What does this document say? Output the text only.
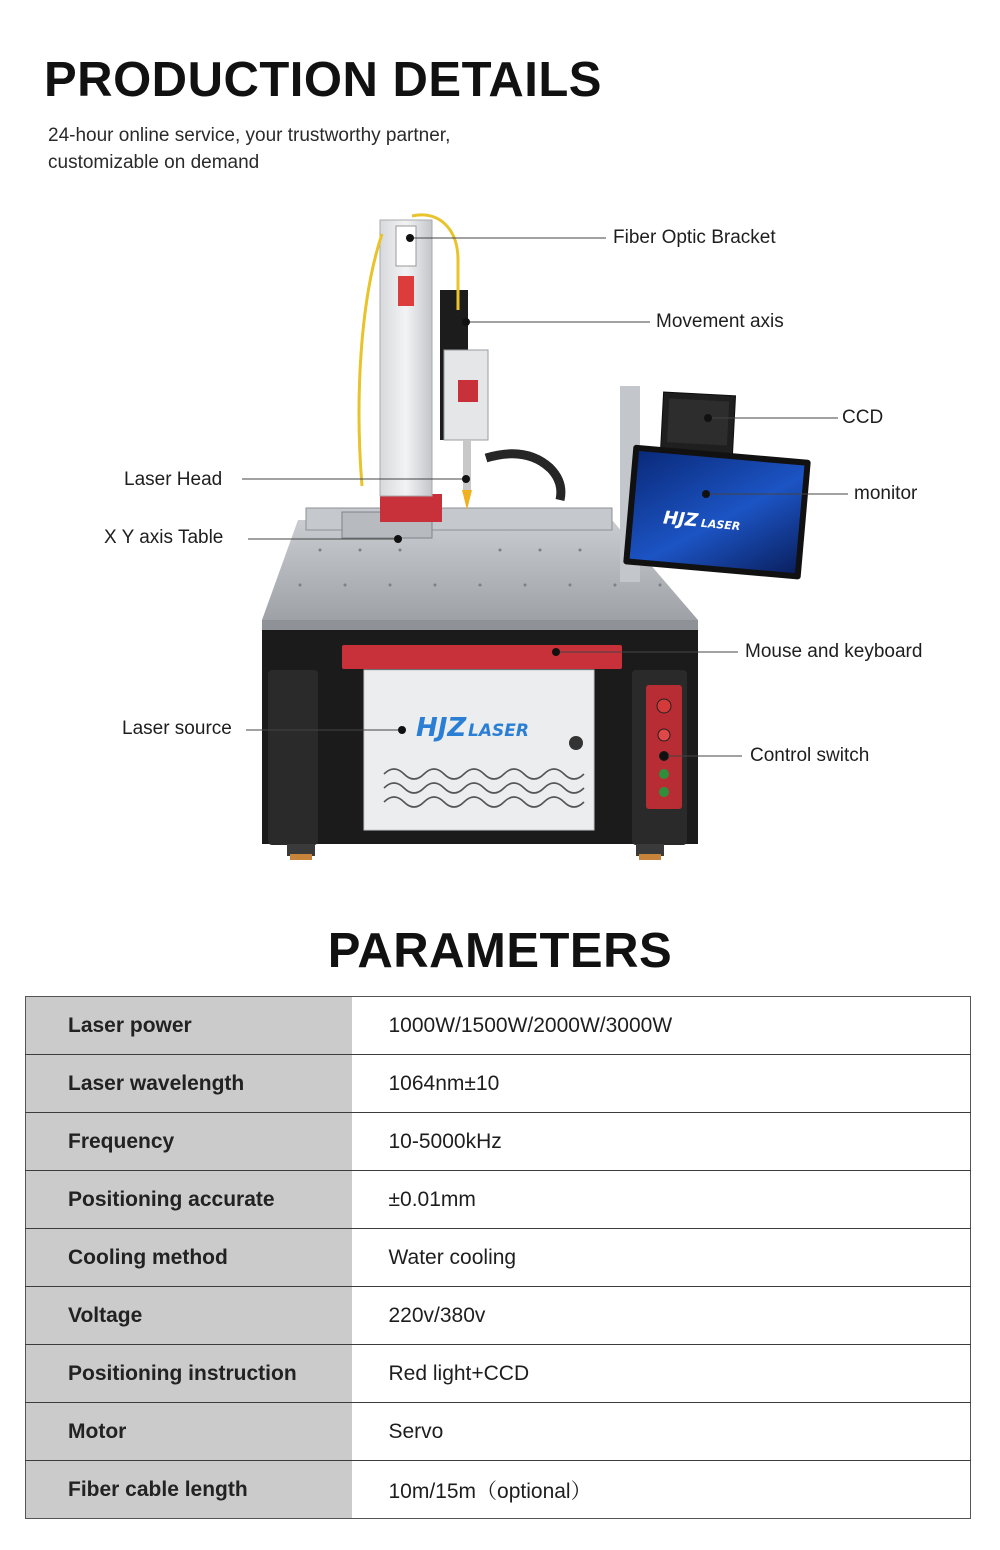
PRODUCTION DETAILS

24-hour online service, your trustworthy partner,
customizable on demand

HJZ LASER
HJZ LASER
Fiber Optic Bracket
Movement axis
CCD
monitor
Laser Head
X Y axis Table
Mouse and keyboard
Laser source
Control switch
PARAMETERS
Laser power	1000W/1500W/2000W/3000W
Laser wavelength	1064nm±10
Frequency	10-5000kHz
Positioning accurate	±0.01mm
Cooling method	Water cooling
Voltage	220v/380v
Positioning instruction	Red light+CCD
Motor	Servo
Fiber cable length	10m/15m（optional）
